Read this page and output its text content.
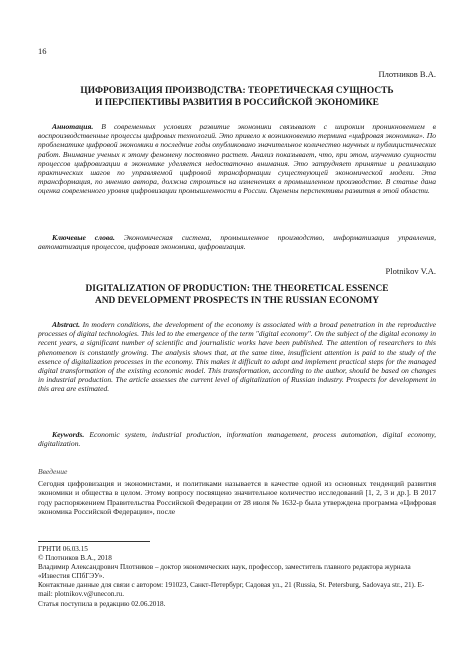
16
Плотников В.А.
ЦИФРОВИЗАЦИЯ ПРОИЗВОДСТВА: ТЕОРЕТИЧЕСКАЯ СУЩНОСТЬ
И ПЕРСПЕКТИВЫ РАЗВИТИЯ В РОССИЙСКОЙ ЭКОНОМИКЕ
Аннотация. В современных условиях развитие экономики связывают с широким проникновением в воспроизводственные процессы цифровых технологий. Это привело к возникновению термина «цифровая экономика». По проблематике цифровой экономики в последние годы опубликовано значительное количество научных и публицистических работ. Внимание ученых к этому феномену постоянно растет. Анализ показывает, что, при этом, изучению сущности процессов цифровизации в экономике уделяется недостаточно внимания. Это затрудняет принятие и реализацию практических шагов по управляемой цифровой трансформации существующей экономической модели. Эта трансформация, по мнению автора, должна строиться на изменениях в промышленном производстве. В статье дана оценка современного уровня цифровизации промышленности в России. Оценены перспективы развития в этой области.
Ключевые слова. Экономическая система, промышленное производство, информатизация управления, автоматизация процессов, цифровая экономика, цифровизация.
Plotnikov V.A.
DIGITALIZATION OF PRODUCTION: THE THEORETICAL ESSENCE
AND DEVELOPMENT PROSPECTS IN THE RUSSIAN ECONOMY
Abstract. In modern conditions, the development of the economy is associated with a broad penetration in the reproductive processes of digital technologies. This led to the emergence of the term "digital economy". On the subject of the digital economy in recent years, a significant number of scientific and journalistic works have been published. The attention of researchers to this phenomenon is constantly growing. The analysis shows that, at the same time, insufficient attention is paid to the study of the essence of digitalization processes in the economy. This makes it difficult to adopt and implement practical steps for the managed digital transformation of the existing economic model. This transformation, according to the author, should be based on changes in industrial production. The article assesses the current level of digitalization of Russian industry. Prospects for development in this area are estimated.
Keywords. Economic system, industrial production, information management, process automation, digital economy, digitalization.
Введение
Сегодня цифровизация и экономистами, и политиками называется в качестве одной из основных тенденций развития экономики и общества в целом. Этому вопросу посвящено значительное количество исследований [1, 2, 3 и др.]. В 2017 году распоряжением Правительства Российской Федерации от 28 июля № 1632-р была утверждена программа «Цифровая экономика Российской Федерации», после
ГРНТИ 06.03.15
© Плотников В.А., 2018
Владимир Александрович Плотников – доктор экономических наук, профессор, заместитель главного редактора журнала «Известия СПбГЭУ».
Контактные данные для связи с автором: 191023, Санкт-Петербург, Садовая ул., 21 (Russia, St. Petersburg, Sadovaya str., 21). E-mail: plotnikov.v@unecon.ru.
Статья поступила в редакцию 02.06.2018.
